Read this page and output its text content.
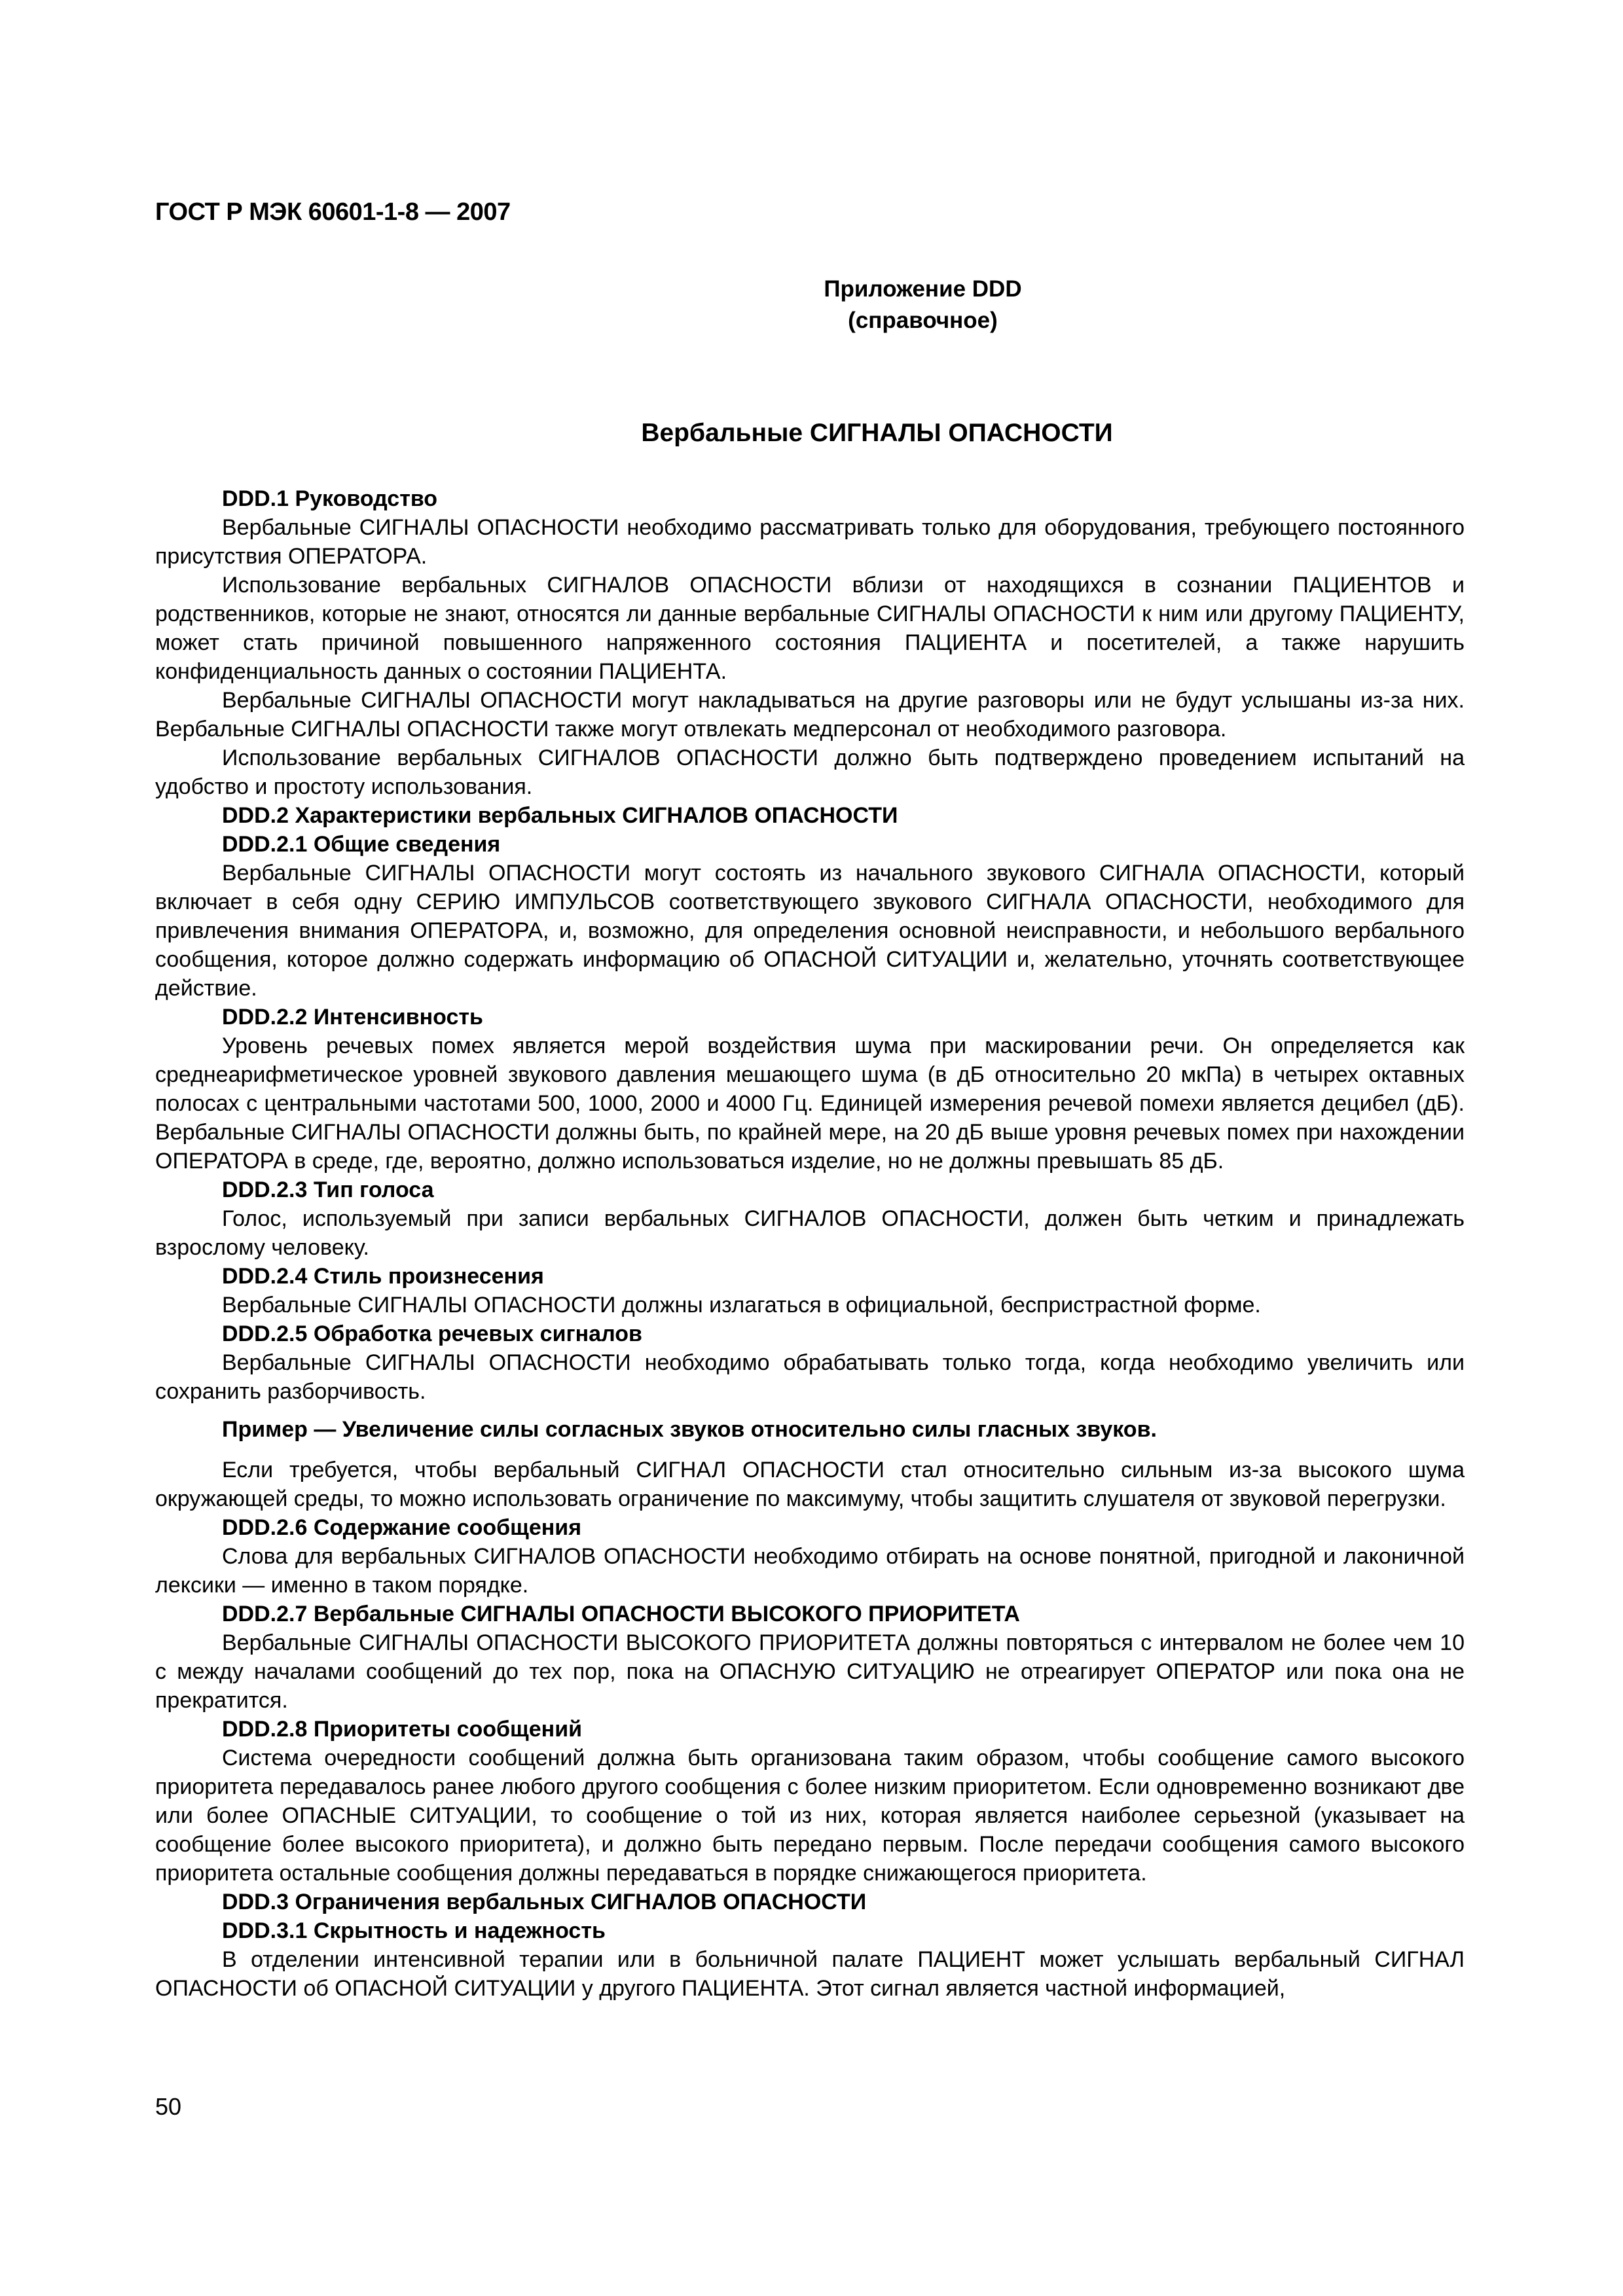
ГОСТ Р МЭК 60601-1-8 — 2007
Приложение DDD
(справочное)
Вербальные СИГНАЛЫ ОПАСНОСТИ
DDD.1 Руководство

Вербальные СИГНАЛЫ ОПАСНОСТИ необходимо рассматривать только для оборудования, требующего постоянного присутствия ОПЕРАТОРА.

Использование вербальных СИГНАЛОВ ОПАСНОСТИ вблизи от находящихся в сознании ПАЦИЕНТОВ и родственников, которые не знают, относятся ли данные вербальные СИГНАЛЫ ОПАСНОСТИ к ним или другому ПАЦИЕНТУ, может стать причиной повышенного напряженного состояния ПАЦИЕНТА и посетителей, а также нарушить конфиденциальность данных о состоянии ПАЦИЕНТА.

Вербальные СИГНАЛЫ ОПАСНОСТИ могут накладываться на другие разговоры или не будут услышаны из-за них. Вербальные СИГНАЛЫ ОПАСНОСТИ также могут отвлекать медперсонал от необходимого разговора.

Использование вербальных СИГНАЛОВ ОПАСНОСТИ должно быть подтверждено проведением испытаний на удобство и простоту использования.

DDD.2 Характеристики вербальных СИГНАЛОВ ОПАСНОСТИ
DDD.2.1 Общие сведения

Вербальные СИГНАЛЫ ОПАСНОСТИ могут состоять из начального звукового СИГНАЛА ОПАСНОСТИ, который включает в себя одну СЕРИЮ ИМПУЛЬСОВ соответствующего звукового СИГНАЛА ОПАСНОСТИ, необходимого для привлечения внимания ОПЕРАТОРА, и, возможно, для определения основной неисправности, и небольшого вербального сообщения, которое должно содержать информацию об ОПАСНОЙ СИТУАЦИИ и, желательно, уточнять соответствующее действие.

DDD.2.2 Интенсивность

Уровень речевых помех является мерой воздействия шума при маскировании речи. Он определяется как среднеарифметическое уровней звукового давления мешающего шума (в дБ относительно 20 мкПа) в четырех октавных полосах с центральными частотами 500, 1000, 2000 и 4000 Гц. Единицей измерения речевой помехи является децибел (дБ). Вербальные СИГНАЛЫ ОПАСНОСТИ должны быть, по крайней мере, на 20 дБ выше уровня речевых помех при нахождении ОПЕРАТОРА в среде, где, вероятно, должно использоваться изделие, но не должны превышать 85 дБ.

DDD.2.3 Тип голоса

Голос, используемый при записи вербальных СИГНАЛОВ ОПАСНОСТИ, должен быть четким и принадлежать взрослому человеку.

DDD.2.4 Стиль произнесения

Вербальные СИГНАЛЫ ОПАСНОСТИ должны излагаться в официальной, беспристрастной форме.

DDD.2.5 Обработка речевых сигналов

Вербальные СИГНАЛЫ ОПАСНОСТИ необходимо обрабатывать только тогда, когда необходимо увеличить или сохранить разборчивость.

Пример — Увеличение силы согласных звуков относительно силы гласных звуков.

Если требуется, чтобы вербальный СИГНАЛ ОПАСНОСТИ стал относительно сильным из-за высокого шума окружающей среды, то можно использовать ограничение по максимуму, чтобы защитить слушателя от звуковой перегрузки.

DDD.2.6 Содержание сообщения

Слова для вербальных СИГНАЛОВ ОПАСНОСТИ необходимо отбирать на основе понятной, пригодной и лаконичной лексики — именно в таком порядке.

DDD.2.7 Вербальные СИГНАЛЫ ОПАСНОСТИ ВЫСОКОГО ПРИОРИТЕТА

Вербальные СИГНАЛЫ ОПАСНОСТИ ВЫСОКОГО ПРИОРИТЕТА должны повторяться с интервалом не более чем 10 с между началами сообщений до тех пор, пока на ОПАСНУЮ СИТУАЦИЮ не отреагирует ОПЕРАТОР или пока она не прекратится.

DDD.2.8 Приоритеты сообщений

Система очередности сообщений должна быть организована таким образом, чтобы сообщение самого высокого приоритета передавалось ранее любого другого сообщения с более низким приоритетом. Если одновременно возникают две или более ОПАСНЫЕ СИТУАЦИИ, то сообщение о той из них, которая является наиболее серьезной (указывает на сообщение более высокого приоритета), и должно быть передано первым. После передачи сообщения самого высокого приоритета остальные сообщения должны передаваться в порядке снижающегося приоритета.

DDD.3 Ограничения вербальных СИГНАЛОВ ОПАСНОСТИ
DDD.3.1 Скрытность и надежность

В отделении интенсивной терапии или в больничной палате ПАЦИЕНТ может услышать вербальный СИГНАЛ ОПАСНОСТИ об ОПАСНОЙ СИТУАЦИИ у другого ПАЦИЕНТА. Этот сигнал является частной информацией,

50
